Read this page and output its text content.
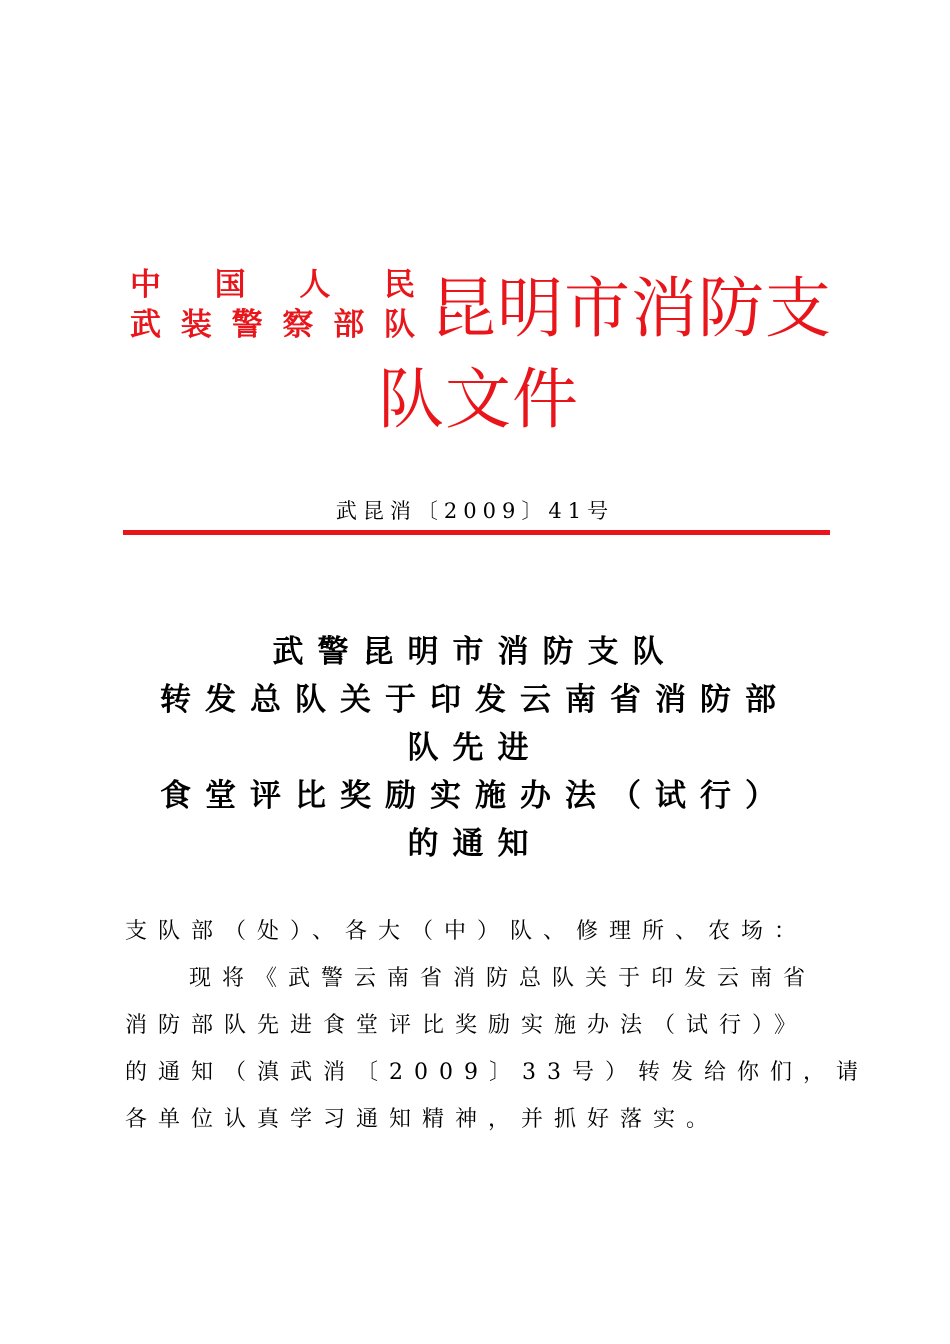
中　国　人　民
武装警察部队 昆明市消防支
队文件
武昆消〔2009〕41号
武警昆明市消防支队
转发总队关于印发云南省消防部
队先进
食堂评比奖励实施办法（试行）
的通知
支队部（处）、各大（中）队、修理所、农场：
现将《武警云南省消防总队关于印发云南省
消防部队先进食堂评比奖励实施办法（试行）》
的通知（滇武消〔2009〕33号）转发给你们，请
各单位认真学习通知精神，并抓好落实。
